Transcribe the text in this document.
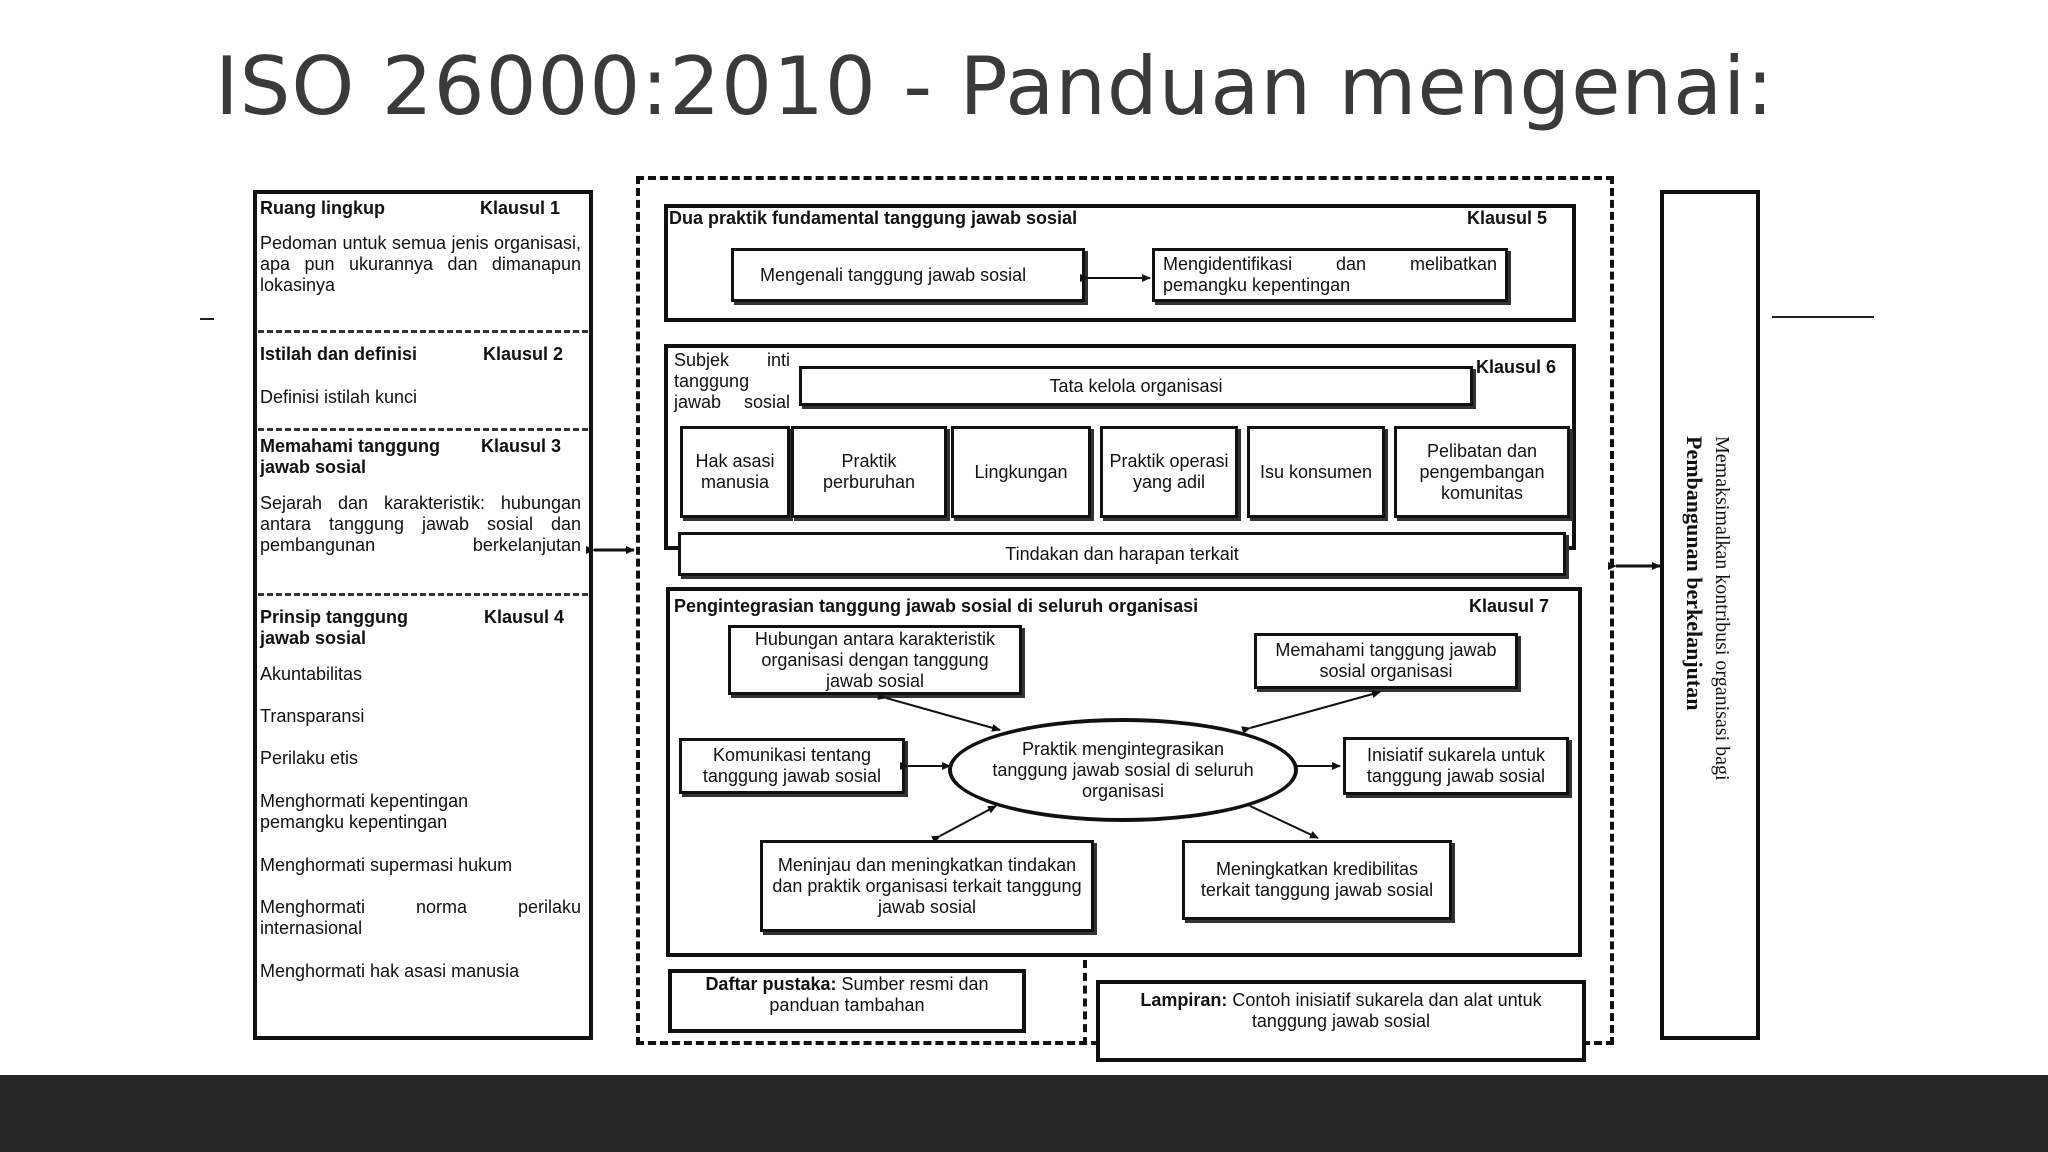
ISO 26000:2010 - Panduan mengenai:
Ruang lingkup	Klausul 1
Pedoman untuk semua jenis organisasi, apa pun ukurannya dan dimanapun lokasinya
Istilah dan definisi	Klausul 2
Definisi istilah kunci
Memahami tanggung jawab sosial
Klausul 3
Sejarah dan karakteristik: hubungan antara tanggung jawab sosial dan pembangunan berkelanjutan
Prinsip tanggung jawab sosial
Klausul 4
Akuntabilitas
Transparansi
Perilaku etis
Menghormati kepentingan pemangku kepentingan
Menghormati supermasi hukum
Menghormati norma perilaku internasional
Menghormati hak asasi manusia
Dua praktik fundamental tanggung jawab sosial	Klausul 5
Mengenali tanggung jawab sosial
Mengidentifikasi dan melibatkan pemangku kepentingan
Subjek inti tanggung jawab sosial
Klausul 6
Tata kelola organisasi
Hak asasi manusia
Praktik perburuhan
Lingkungan
Praktik operasi yang adil
Isu konsumen
Pelibatan dan pengembangan komunitas
Tindakan dan harapan terkait
Pengintegrasian tanggung jawab sosial di seluruh organisasi	Klausul 7
Hubungan antara karakteristik organisasi dengan tanggung jawab sosial
Memahami tanggung jawab sosial organisasi
Komunikasi tentang tanggung jawab sosial
Inisiatif sukarela untuk tanggung jawab sosial
Meninjau dan meningkatkan tindakan dan praktik organisasi terkait tanggung jawab sosial
Meningkatkan kredibilitas terkait tanggung jawab sosial
Praktik mengintegrasikan tanggung jawab sosial di seluruh organisasi
Daftar pustaka: Sumber resmi dan panduan tambahan	Lampiran: Contoh inisiatif sukarela dan alat untuk tanggung jawab sosial
Memaksimalkan kontribusi organisasi bagi
Pembangunan berkelanjutan
